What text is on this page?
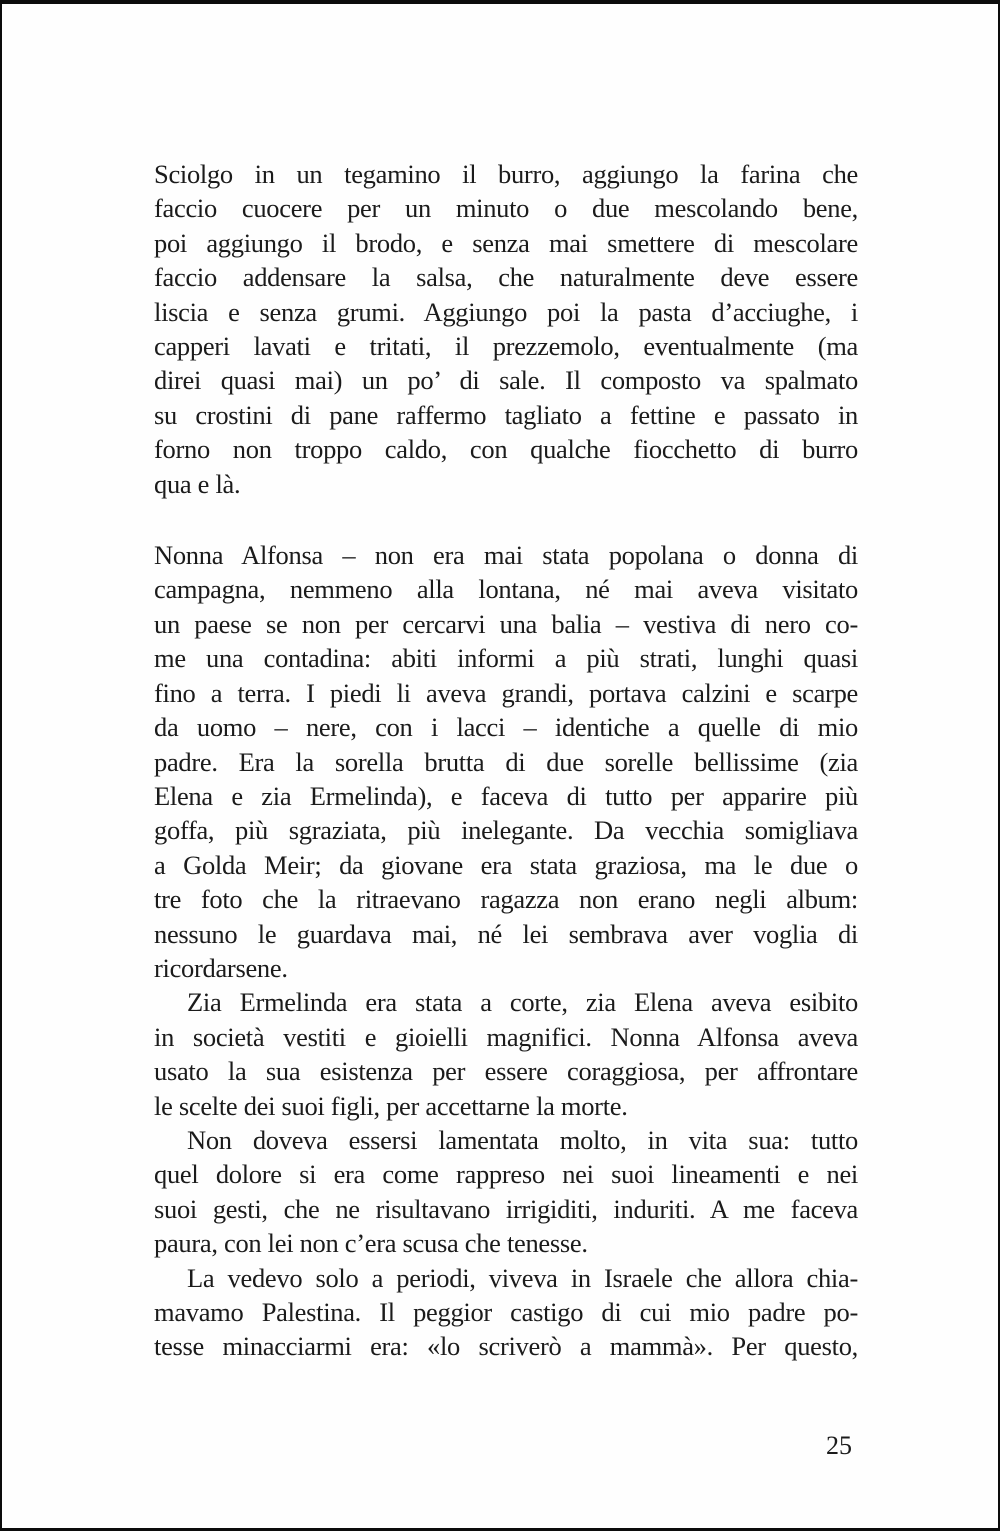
Sciolgo in un tegamino il burro, aggiungo la farina che
faccio cuocere per un minuto o due mescolando bene,
poi aggiungo il brodo, e senza mai smettere di mescolare
faccio addensare la salsa, che naturalmente deve essere
liscia e senza grumi. Aggiungo poi la pasta d’acciughe, i
capperi lavati e tritati, il prezzemolo, eventualmente (ma
direi quasi mai) un po’ di sale. Il composto va spalmato
su crostini di pane raffermo tagliato a fettine e passato in
forno non troppo caldo, con qualche fiocchetto di burro
qua e là.
Nonna Alfonsa – non era mai stata popolana o donna di
campagna, nemmeno alla lontana, né mai aveva visitato
un paese se non per cercarvi una balia – vestiva di nero co-
me una contadina: abiti informi a più strati, lunghi quasi
fino a terra. I piedi li aveva grandi, portava calzini e scarpe
da uomo – nere, con i lacci – identiche a quelle di mio
padre. Era la sorella brutta di due sorelle bellissime (zia
Elena e zia Ermelinda), e faceva di tutto per apparire più
goffa, più sgraziata, più inelegante. Da vecchia somigliava
a Golda Meir; da giovane era stata graziosa, ma le due o
tre foto che la ritraevano ragazza non erano negli album:
nessuno le guardava mai, né lei sembrava aver voglia di
ricordarsene.
Zia Ermelinda era stata a corte, zia Elena aveva esibito
in società vestiti e gioielli magnifici. Nonna Alfonsa aveva
usato la sua esistenza per essere coraggiosa, per affrontare
le scelte dei suoi figli, per accettarne la morte.
Non doveva essersi lamentata molto, in vita sua: tutto
quel dolore si era come rappreso nei suoi lineamenti e nei
suoi gesti, che ne risultavano irrigiditi, induriti. A me faceva
paura, con lei non c’era scusa che tenesse.
La vedevo solo a periodi, viveva in Israele che allora chia-
mavamo Palestina. Il peggior castigo di cui mio padre po-
tesse minacciarmi era: «lo scriverò a mammà». Per questo,
25
